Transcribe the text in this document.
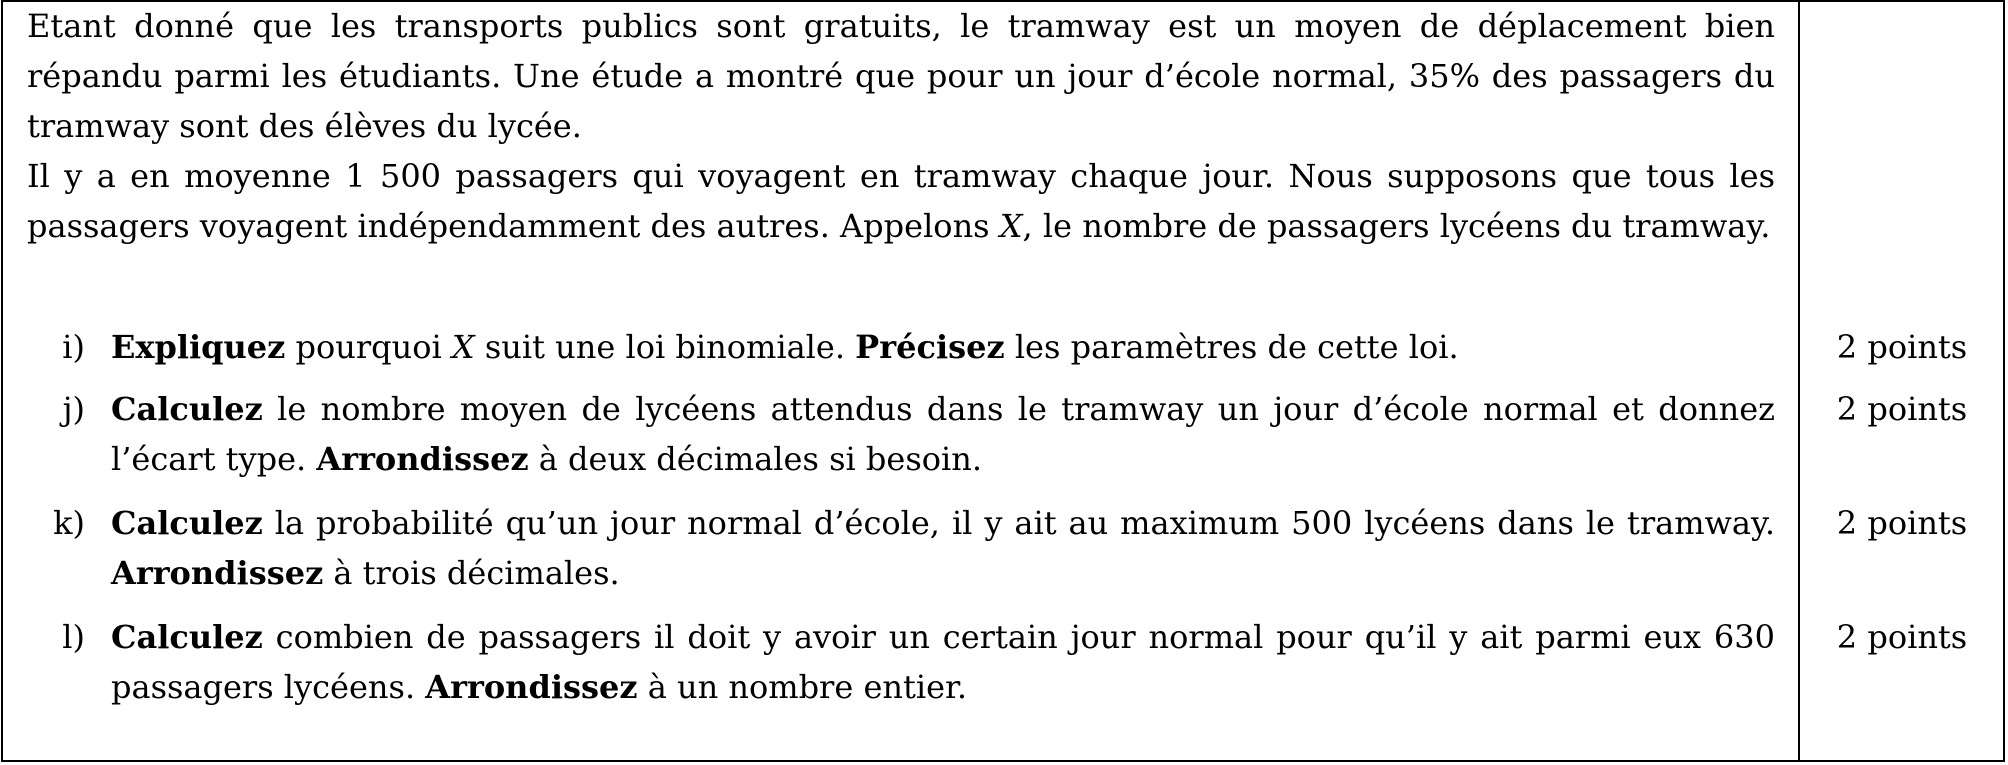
Etant donné que les transports publics sont gratuits, le tramway est un moyen de déplacement bien répandu parmi les étudiants. Une étude a montré que pour un jour d’école normal, 35% des passagers du tramway sont des élèves du lycée.

Il y a en moyenne 1 500 passagers qui voyagent en tramway chaque jour. Nous supposons que tous les passagers voyagent indépendamment des autres. Appelons X, le nombre de passagers lycéens du tramway.

i) Expliquez pourquoi X suit une loi binomiale. Précisez les paramètres de cette loi.
j) Calculez le nombre moyen de lycéens attendus dans le tramway un jour d’école normal et donnez l’écart type. Arrondissez à deux décimales si besoin.
k) Calculez la probabilité qu’un jour normal d’école, il y ait au maximum 500 lycéens dans le tramway. Arrondissez à trois décimales.
l) Calculez combien de passagers il doit y avoir un certain jour normal pour qu’il y ait parmi eux 630 passagers lycéens. Arrondissez à un nombre entier.
2 points
2 points
2 points
2 points
